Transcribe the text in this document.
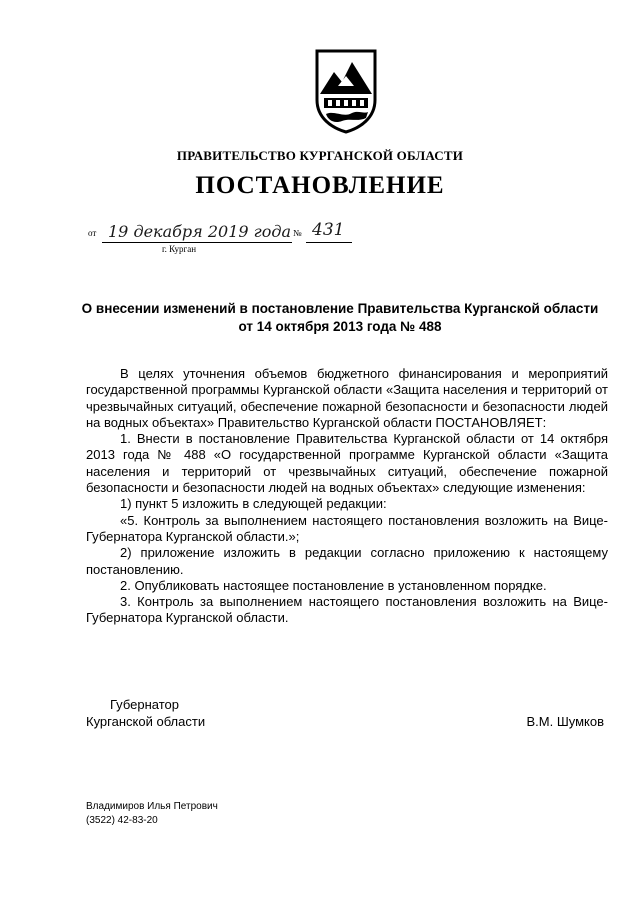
ПРАВИТЕЛЬСТВО КУРГАНСКОЙ ОБЛАСТИ
ПОСТАНОВЛЕНИЕ
от 19 декабря 2019 года № 431
г. Курган
О внесении изменений в постановление Правительства Курганской области
от 14 октября 2013 года № 488

В целях уточнения объемов бюджетного финансирования и мероприятий государственной программы Курганской области «Защита населения и территорий от чрезвычайных ситуаций, обеспечение пожарной безопасности и безопасности людей на водных объектах» Правительство Курганской области ПОСТАНОВЛЯЕТ:

1. Внести в постановление Правительства Курганской области от 14 октября 2013 года № 488 «О государственной программе Курганской области «Защита населения и территорий от чрезвычайных ситуаций, обеспечение пожарной безопасности и безопасности людей на водных объектах» следующие изменения:

1) пункт 5 изложить в следующей редакции:

«5. Контроль за выполнением настоящего постановления возложить на Вице-Губернатора Курганской области.»;

2) приложение изложить в редакции согласно приложению к настоящему постановлению.

2. Опубликовать настоящее постановление в установленном порядке.

3. Контроль за выполнением настоящего постановления возложить на Вице-Губернатора Курганской области.

Губернатор
Курганской области	В.М. Шумков
Владимиров Илья Петрович
(3522) 42-83-20
